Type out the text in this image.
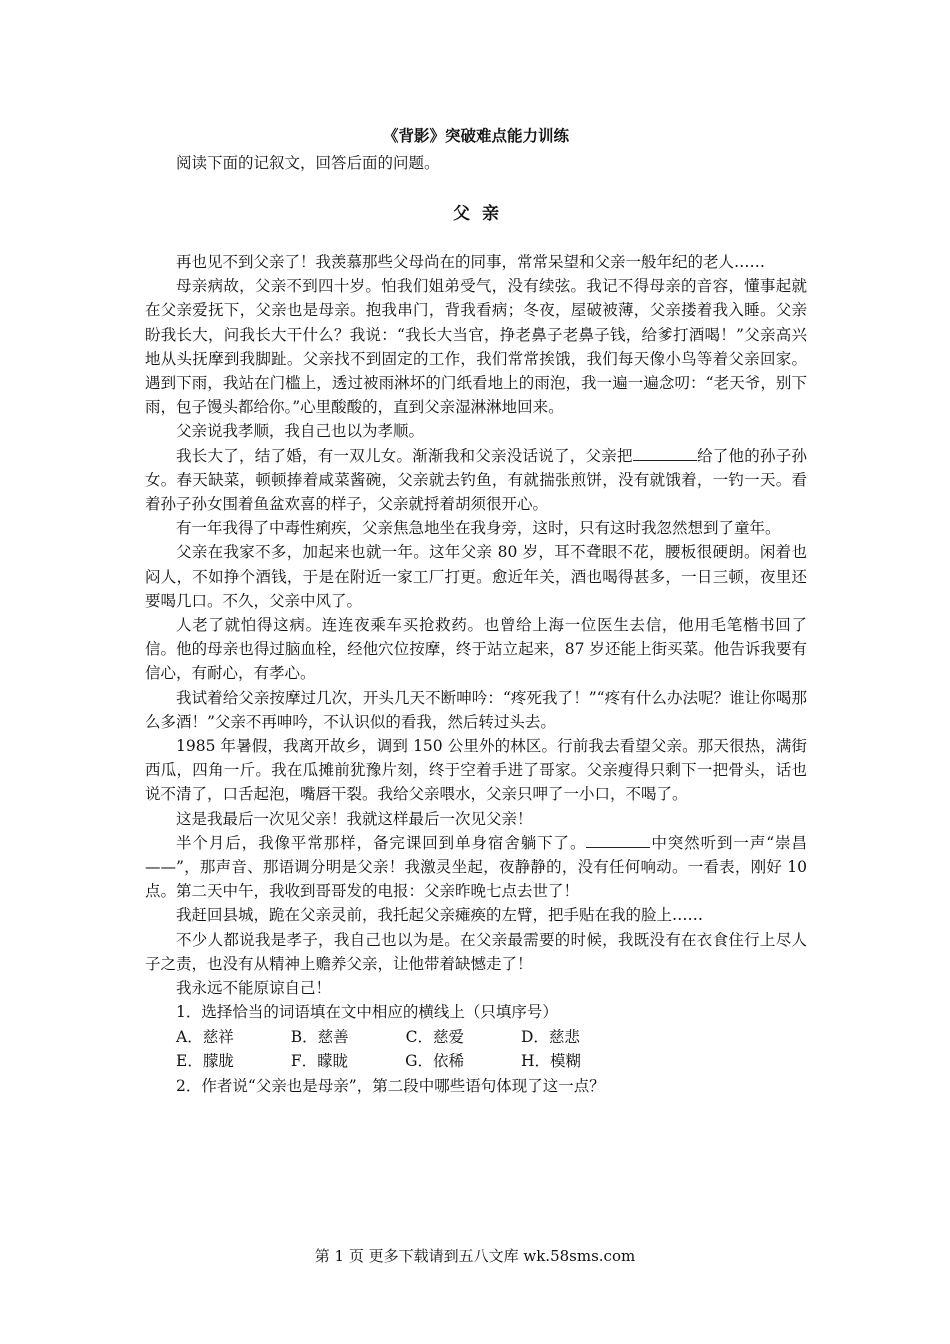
《背影》突破难点能力训练

阅读下面的记叙文，回答后面的问题。

父亲

再也见不到父亲了！我羡慕那些父母尚在的同事，常常呆望和父亲一般年纪的老人……

母亲病故，父亲不到四十岁。怕我们姐弟受气，没有续弦。我记不得母亲的音容，懂事起就在父亲爱抚下，父亲也是母亲。抱我串门，背我看病；冬夜，屋破被薄，父亲搂着我入睡。父亲盼我长大，问我长大干什么？我说：“我长大当官，挣老鼻子老鼻子钱，给爹打酒喝！”父亲高兴地从头抚摩到我脚趾。父亲找不到固定的工作，我们常常挨饿，我们每天像小鸟等着父亲回家。遇到下雨，我站在门槛上，透过被雨淋坏的门纸看地上的雨泡，我一遍一遍念叨：“老天爷，别下雨，包子馒头都给你。”心里酸酸的，直到父亲湿淋淋地回来。

父亲说我孝顺，我自己也以为孝顺。

我长大了，结了婚，有一双儿女。渐渐我和父亲没话说了，父亲把	给了他的孙子孙女。春天缺菜，顿顿捧着咸菜酱碗，父亲就去钓鱼，有就揣张煎饼，没有就饿着，一钓一天。看着孙子孙女围着鱼盆欢喜的样子，父亲就捋着胡须很开心。

有一年我得了中毒性痢疾，父亲焦急地坐在我身旁，这时，只有这时我忽然想到了童年。

父亲在我家不多，加起来也就一年。这年父亲 80 岁，耳不聋眼不花，腰板很硬朗。闲着也闷人，不如挣个酒钱，于是在附近一家工厂打更。愈近年关，酒也喝得甚多，一日三顿，夜里还要喝几口。不久，父亲中风了。

人老了就怕得这病。连连夜乘车买抢救药。也曾给上海一位医生去信，他用毛笔楷书回了信。他的母亲也得过脑血栓，经他穴位按摩，终于站立起来，87 岁还能上街买菜。他告诉我要有信心，有耐心，有孝心。

我试着给父亲按摩过几次，开头几天不断呻吟：“疼死我了！”“疼有什么办法呢？谁让你喝那么多酒！”父亲不再呻吟，不认识似的看我，然后转过头去。

1985 年暑假，我离开故乡，调到 150 公里外的林区。行前我去看望父亲。那天很热，满街西瓜，四角一斤。我在瓜摊前犹豫片刻，终于空着手进了哥家。父亲瘦得只剩下一把骨头，话也说不清了，口舌起泡，嘴唇干裂。我给父亲喂水，父亲只呷了一小口，不喝了。

这是我最后一次见父亲！我就这样最后一次见父亲！

半个月后，我像平常那样，备完课回到单身宿舍躺下了。	中突然听到一声“崇昌——”，那声音、那语调分明是父亲！我激灵坐起，夜静静的，没有任何响动。一看表，刚好 10 点。第二天中午，我收到哥哥发的电报：父亲昨晚七点去世了！

我赶回县城，跪在父亲灵前，我托起父亲瘫痪的左臂，把手贴在我的脸上……

不少人都说我是孝子，我自己也以为是。在父亲最需要的时候，我既没有在衣食住行上尽人子之责，也没有从精神上赡养父亲，让他带着缺憾走了！

我永远不能原谅自己！

1．选择恰当的词语填在文中相应的横线上（只填序号）

A．慈祥	B．慈善	C．慈爱	D．慈悲

E．朦胧	F．矇眬	G．依稀	H．模糊

2．作者说“父亲也是母亲”，第二段中哪些语句体现了这一点？

第 1 页 更多下载请到五八文库 wk.58sms.com
